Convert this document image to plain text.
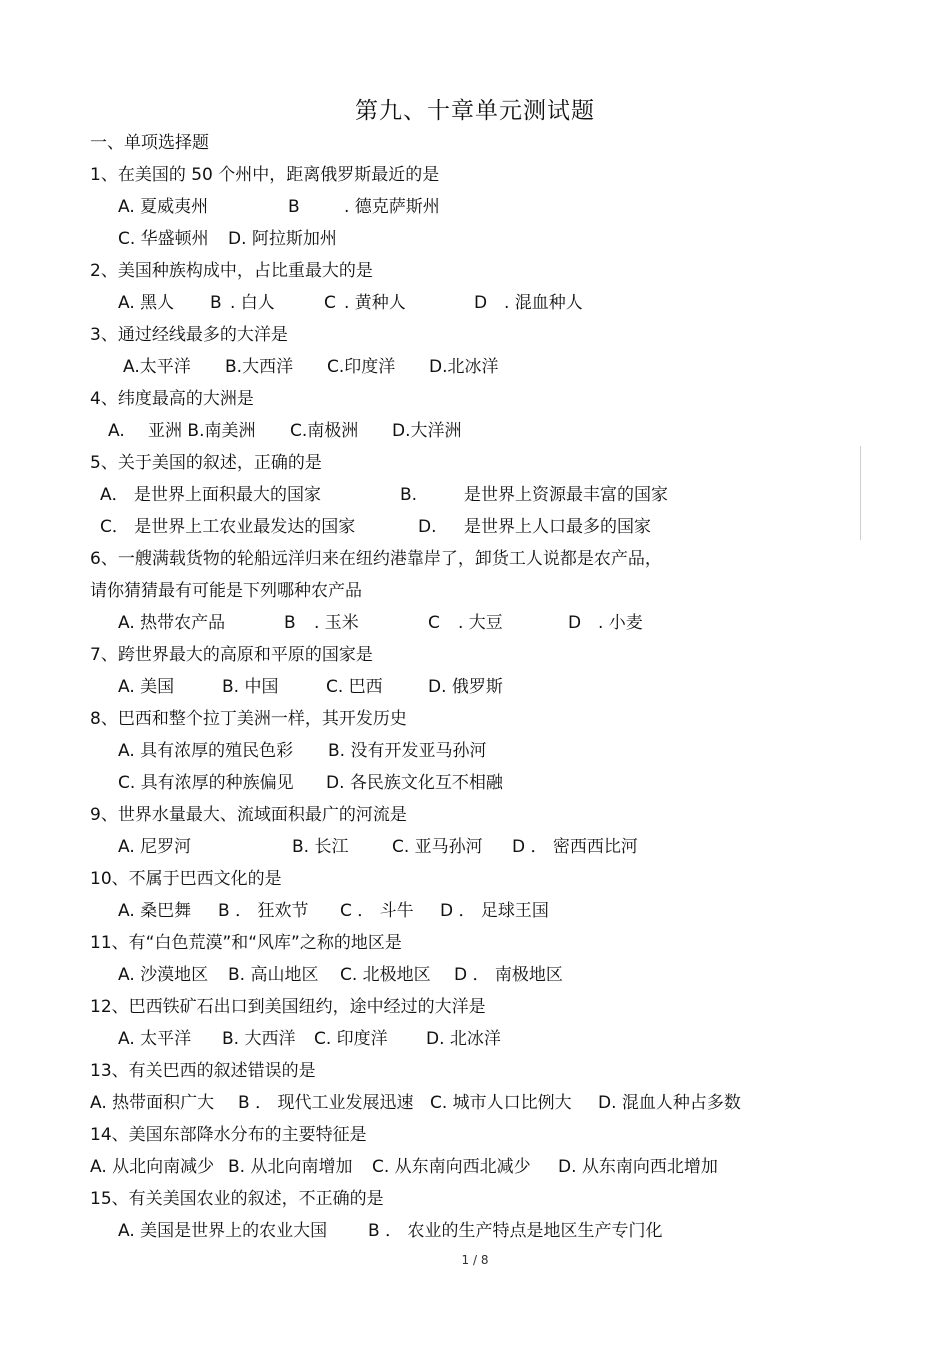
第九、十章单元测试题
一、单项选择题
1、在美国的 50 个州中，距离俄罗斯最近的是
A. 夏威夷州	B	. 德克萨斯州
C. 华盛顿州 D. 阿拉斯加州
2、美国种族构成中，占比重最大的是
A. 黑人 B . 白人	C . 黄种人	D . 混血种人
3、通过经线最多的大洋是
A.太平洋 B.大西洋 C.印度洋 D.北冰洋
4、纬度最高的大洲是
A. 亚洲 B.南美洲 C.南极洲 D.大洋洲
5、关于美国的叙述，正确的是
A． 是世界上面积最大的国家	B.	是世界上资源最丰富的国家
C． 是世界上工农业最发达的国家	D. 是世界上人口最多的国家
6、一艘满载货物的轮船远洋归来在纽约港靠岸了，卸货工人说都是农产品，
请你猜猜最有可能是下列哪种农产品
A. 热带农产品	B . 玉米	C . 大豆	D . 小麦
7、跨世界最大的高原和平原的国家是
A. 美国	B. 中国	C. 巴西	D. 俄罗斯
8、巴西和整个拉丁美洲一样，其开发历史
A. 具有浓厚的殖民色彩 B. 没有开发亚马孙河
C. 具有浓厚的种族偏见 D. 各民族文化互不相融
9、世界水量最大、流域面积最广的河流是
A. 尼罗河	B. 长江	C. 亚马孙河 D ． 密西西比河
10、不属于巴西文化的是
A. 桑巴舞 B ． 狂欢节 C ． 斗牛 D ． 足球王国
11、有“白色荒漠”和“风库”之称的地区是
A. 沙漠地区 B. 高山地区 C. 北极地区 D ． 南极地区
12、巴西铁矿石出口到美国纽约，途中经过的大洋是
A. 太平洋 B. 大西洋 C. 印度洋 D. 北冰洋
13、有关巴西的叙述错误的是
A. 热带面积广大 B ． 现代工业发展迅速 C. 城市人口比例大 D. 混血人种占多数
14、美国东部降水分布的主要特征是
A. 从北向南减少 B. 从北向南增加 C. 从东南向西北减少 D. 从东南向西北增加
15、有关美国农业的叙述，不正确的是
A. 美国是世界上的农业大国 B ． 农业的生产特点是地区生产专门化
1 / 8
